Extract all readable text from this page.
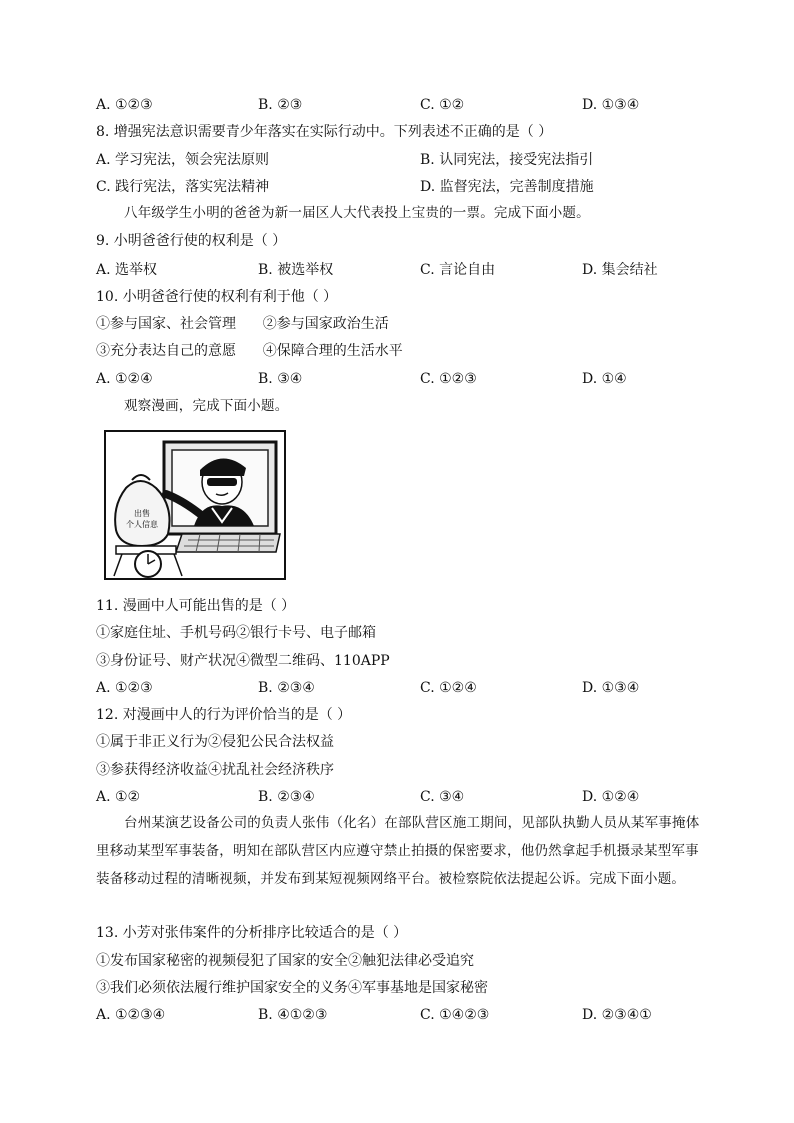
A. ①②③	B. ②③	C. ①②	D. ①③④
8. 增强宪法意识需要青少年落实在实际行动中。下列表述不正确的是（ ）
A. 学习宪法，领会宪法原则	B. 认同宪法，接受宪法指引
C. 践行宪法，落实宪法精神	D. 监督宪法，完善制度措施
八年级学生小明的爸爸为新一届区人大代表投上宝贵的一票。完成下面小题。
9. 小明爸爸行使的权利是（ ）
A. 选举权	B. 被选举权	C. 言论自由	D. 集会结社
10. 小明爸爸行使的权利有利于他（ ）
①参与国家、社会管理      ②参与国家政治生活
③充分表达自己的意愿      ④保障合理的生活水平
A. ①②④	B. ③④	C. ①②③	D. ①④
观察漫画，完成下面小题。
出售
个人信息
11. 漫画中人可能出售的是（ ）
①家庭住址、手机号码②银行卡号、电子邮箱
③身份证号、财产状况④微型二维码、110APP
A. ①②③	B. ②③④	C. ①②④	D. ①③④
12. 对漫画中人的行为评价恰当的是（ ）
①属于非正义行为②侵犯公民合法权益
③参获得经济收益④扰乱社会经济秩序
A. ①②	B. ②③④	C. ③④	D. ①②④
台州某演艺设备公司的负责人张伟（化名）在部队营区施工期间，见部队执勤人员从某军事掩体里移动某型军事装备，明知在部队营区内应遵守禁止拍摄的保密要求，他仍然拿起手机摄录某型军事装备移动过程的清晰视频，并发布到某短视频网络平台。被检察院依法提起公诉。完成下面小题。
13. 小芳对张伟案件的分析排序比较适合的是（ ）
①发布国家秘密的视频侵犯了国家的安全②触犯法律必受追究
③我们必须依法履行维护国家安全的义务④军事基地是国家秘密
A. ①②③④	B. ④①②③	C. ①④②③	D. ②③④①
